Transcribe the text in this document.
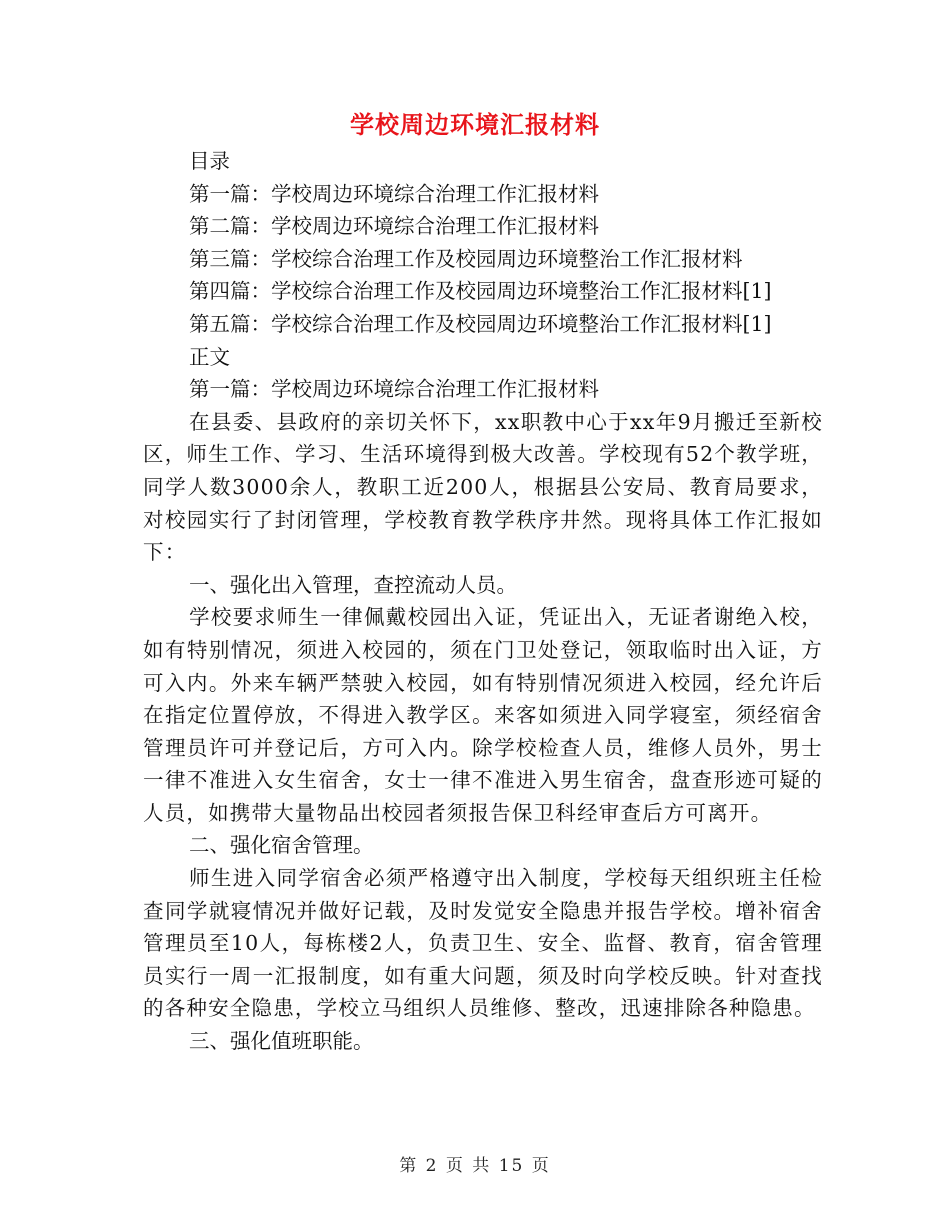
学校周边环境汇报材料

目录

第一篇：学校周边环境综合治理工作汇报材料

第二篇：学校周边环境综合治理工作汇报材料

第三篇：学校综合治理工作及校园周边环境整治工作汇报材料

第四篇：学校综合治理工作及校园周边环境整治工作汇报材料[1]

第五篇：学校综合治理工作及校园周边环境整治工作汇报材料[1]

正文

第一篇：学校周边环境综合治理工作汇报材料

在县委、县政府的亲切关怀下，xx职教中心于xx年9月搬迁至新校区，师生工作、学习、生活环境得到极大改善。学校现有52个教学班，同学人数3000余人，教职工近200人，根据县公安局、教育局要求，对校园实行了封闭管理，学校教育教学秩序井然。现将具体工作汇报如下：

一、强化出入管理，查控流动人员。

学校要求师生一律佩戴校园出入证，凭证出入，无证者谢绝入校，如有特别情况，须进入校园的，须在门卫处登记，领取临时出入证，方可入内。外来车辆严禁驶入校园，如有特别情况须进入校园，经允许后在指定位置停放，不得进入教学区。来客如须进入同学寝室，须经宿舍管理员许可并登记后，方可入内。除学校检查人员，维修人员外，男士一律不准进入女生宿舍，女士一律不准进入男生宿舍，盘查形迹可疑的人员，如携带大量物品出校园者须报告保卫科经审查后方可离开。

二、强化宿舍管理。

师生进入同学宿舍必须严格遵守出入制度，学校每天组织班主任检查同学就寝情况并做好记载，及时发觉安全隐患并报告学校。增补宿舍管理员至10人，每栋楼2人，负责卫生、安全、监督、教育，宿舍管理员实行一周一汇报制度，如有重大问题，须及时向学校反映。针对查找的各种安全隐患，学校立马组织人员维修、整改，迅速排除各种隐患。

三、强化值班职能。

第 2 页 共 15 页
